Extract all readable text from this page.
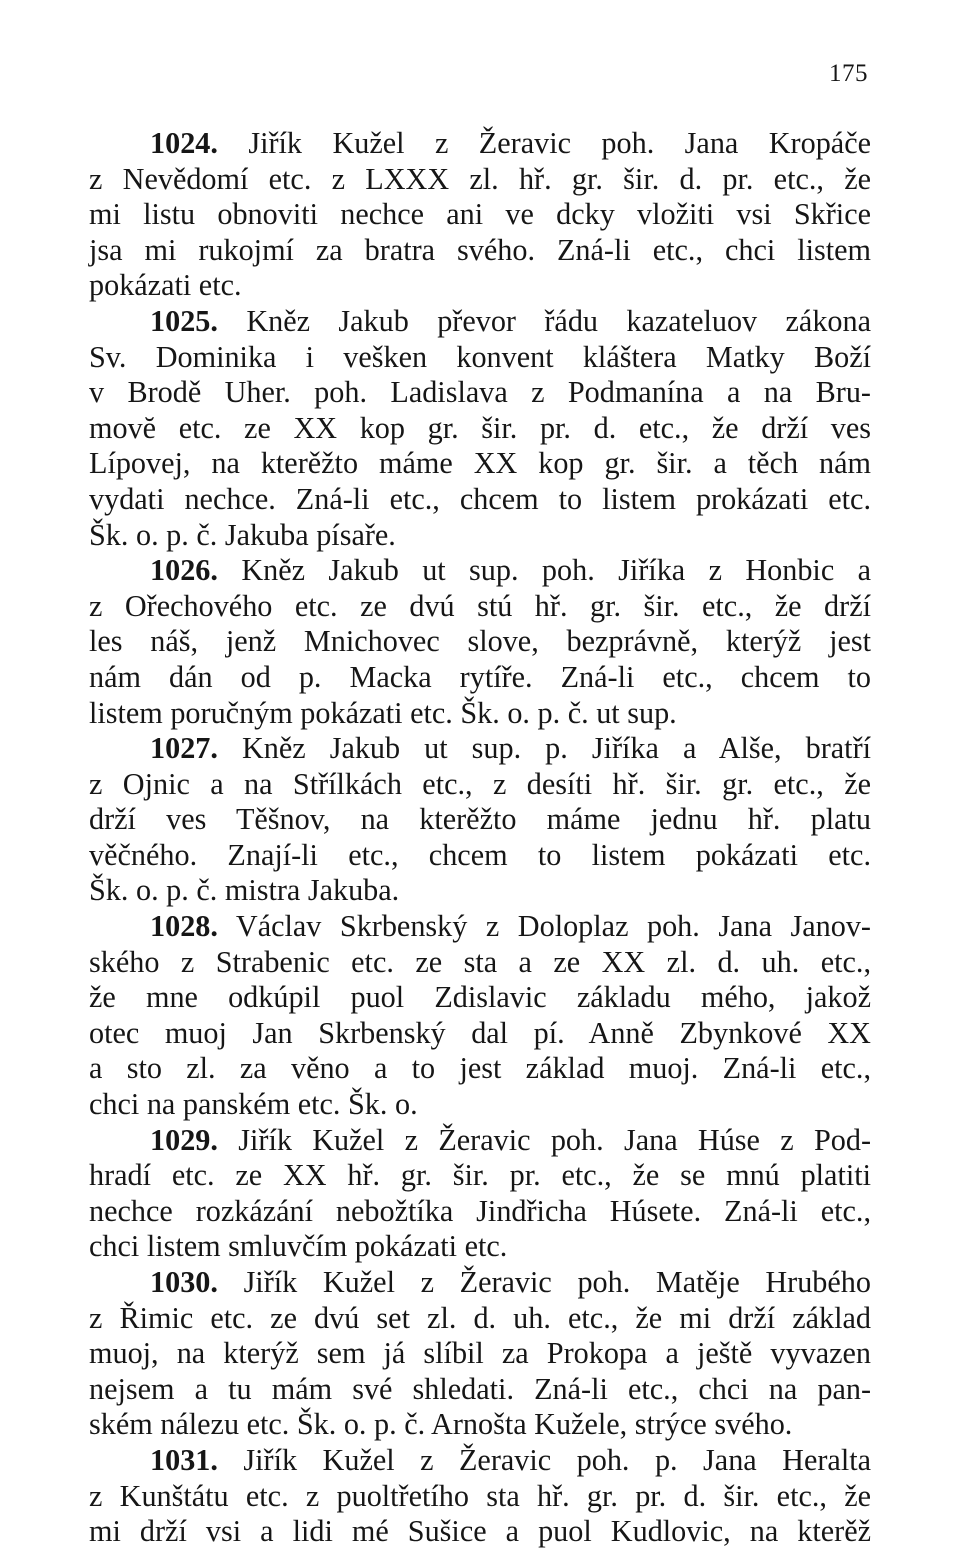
175
1024. Jiřík Kužel z Žeravic poh. Jana Kropáče
z Nevědomí etc. z LXXX zl. hř. gr. šir. d. pr. etc., že
mi listu obnoviti nechce ani ve dcky vložiti vsi Skřice
jsa mi rukojmí za bratra svého. Zná-li etc., chci listem
pokázati etc.
1025. Kněz Jakub převor řádu kazateluov zákona
Sv. Dominika i vešken konvent kláštera Matky Boží
v Brodě Uher. poh. Ladislava z Podmanína a na Bru-
movĕ etc. ze XX kop gr. šir. pr. d. etc., že drží ves
Lípovej, na kterěžto máme XX kop gr. šir. a těch nám
vydati nechce. Zná-li etc., chcem to listem prokázati etc.
Šk. o. p. č. Jakuba písaře.
1026. Kněz Jakub ut sup. poh. Jiříka z Honbic a
z Ořechového etc. ze dvú stú hř. gr. šir. etc., že drží
les náš, jenž Mnichovec slove, bezprávně, kterýž jest
nám dán od p. Macka rytíře. Zná-li etc., chcem to
listem poručným pokázati etc. Šk. o. p. č. ut sup.
1027. Kněz Jakub ut sup. p. Jiříka a Alše, bratří
z Ojnic a na Střílkách etc., z desíti hř. šir. gr. etc., že
drží ves Těšnov, na kterěžto máme jednu hř. platu
věčného. Znají-li etc., chcem to listem pokázati etc.
Šk. o. p. č. mistra Jakuba.
1028. Václav Skrbenský z Doloplaz poh. Jana Janov-
ského z Strabenic etc. ze sta a ze XX zl. d. uh. etc.,
že mne odkúpil puol Zdislavic základu mého, jakož
otec muoj Jan Skrbenský dal pí. Anně Zbynkové XX
a sto zl. za věno a to jest základ muoj. Zná-li etc.,
chci na panském etc. Šk. o.
1029. Jiřík Kužel z Žeravic poh. Jana Húse z Pod-
hradí etc. ze XX hř. gr. šir. pr. etc., že se mnú platiti
nechce rozkázání nebožtíka Jindřicha Húsete. Zná-li etc.,
chci listem smluvčím pokázati etc.
1030. Jiřík Kužel z Žeravic poh. Matěje Hrubého
z Řimic etc. ze dvú set zl. d. uh. etc., že mi drží základ
muoj, na kterýž sem já slíbil za Prokopa a ještě vyvazen
nejsem a tu mám své shledati. Zná-li etc., chci na pan-
ském nálezu etc. Šk. o. p. č. Arnošta Kužele, strýce svého.
1031. Jiřík Kužel z Žeravic poh. p. Jana Heralta
z Kunštátu etc. z puoltřetího sta hř. gr. pr. d. šir. etc., že
mi drží vsi a lidi mé Sušice a puol Kudlovic, na kterěž
